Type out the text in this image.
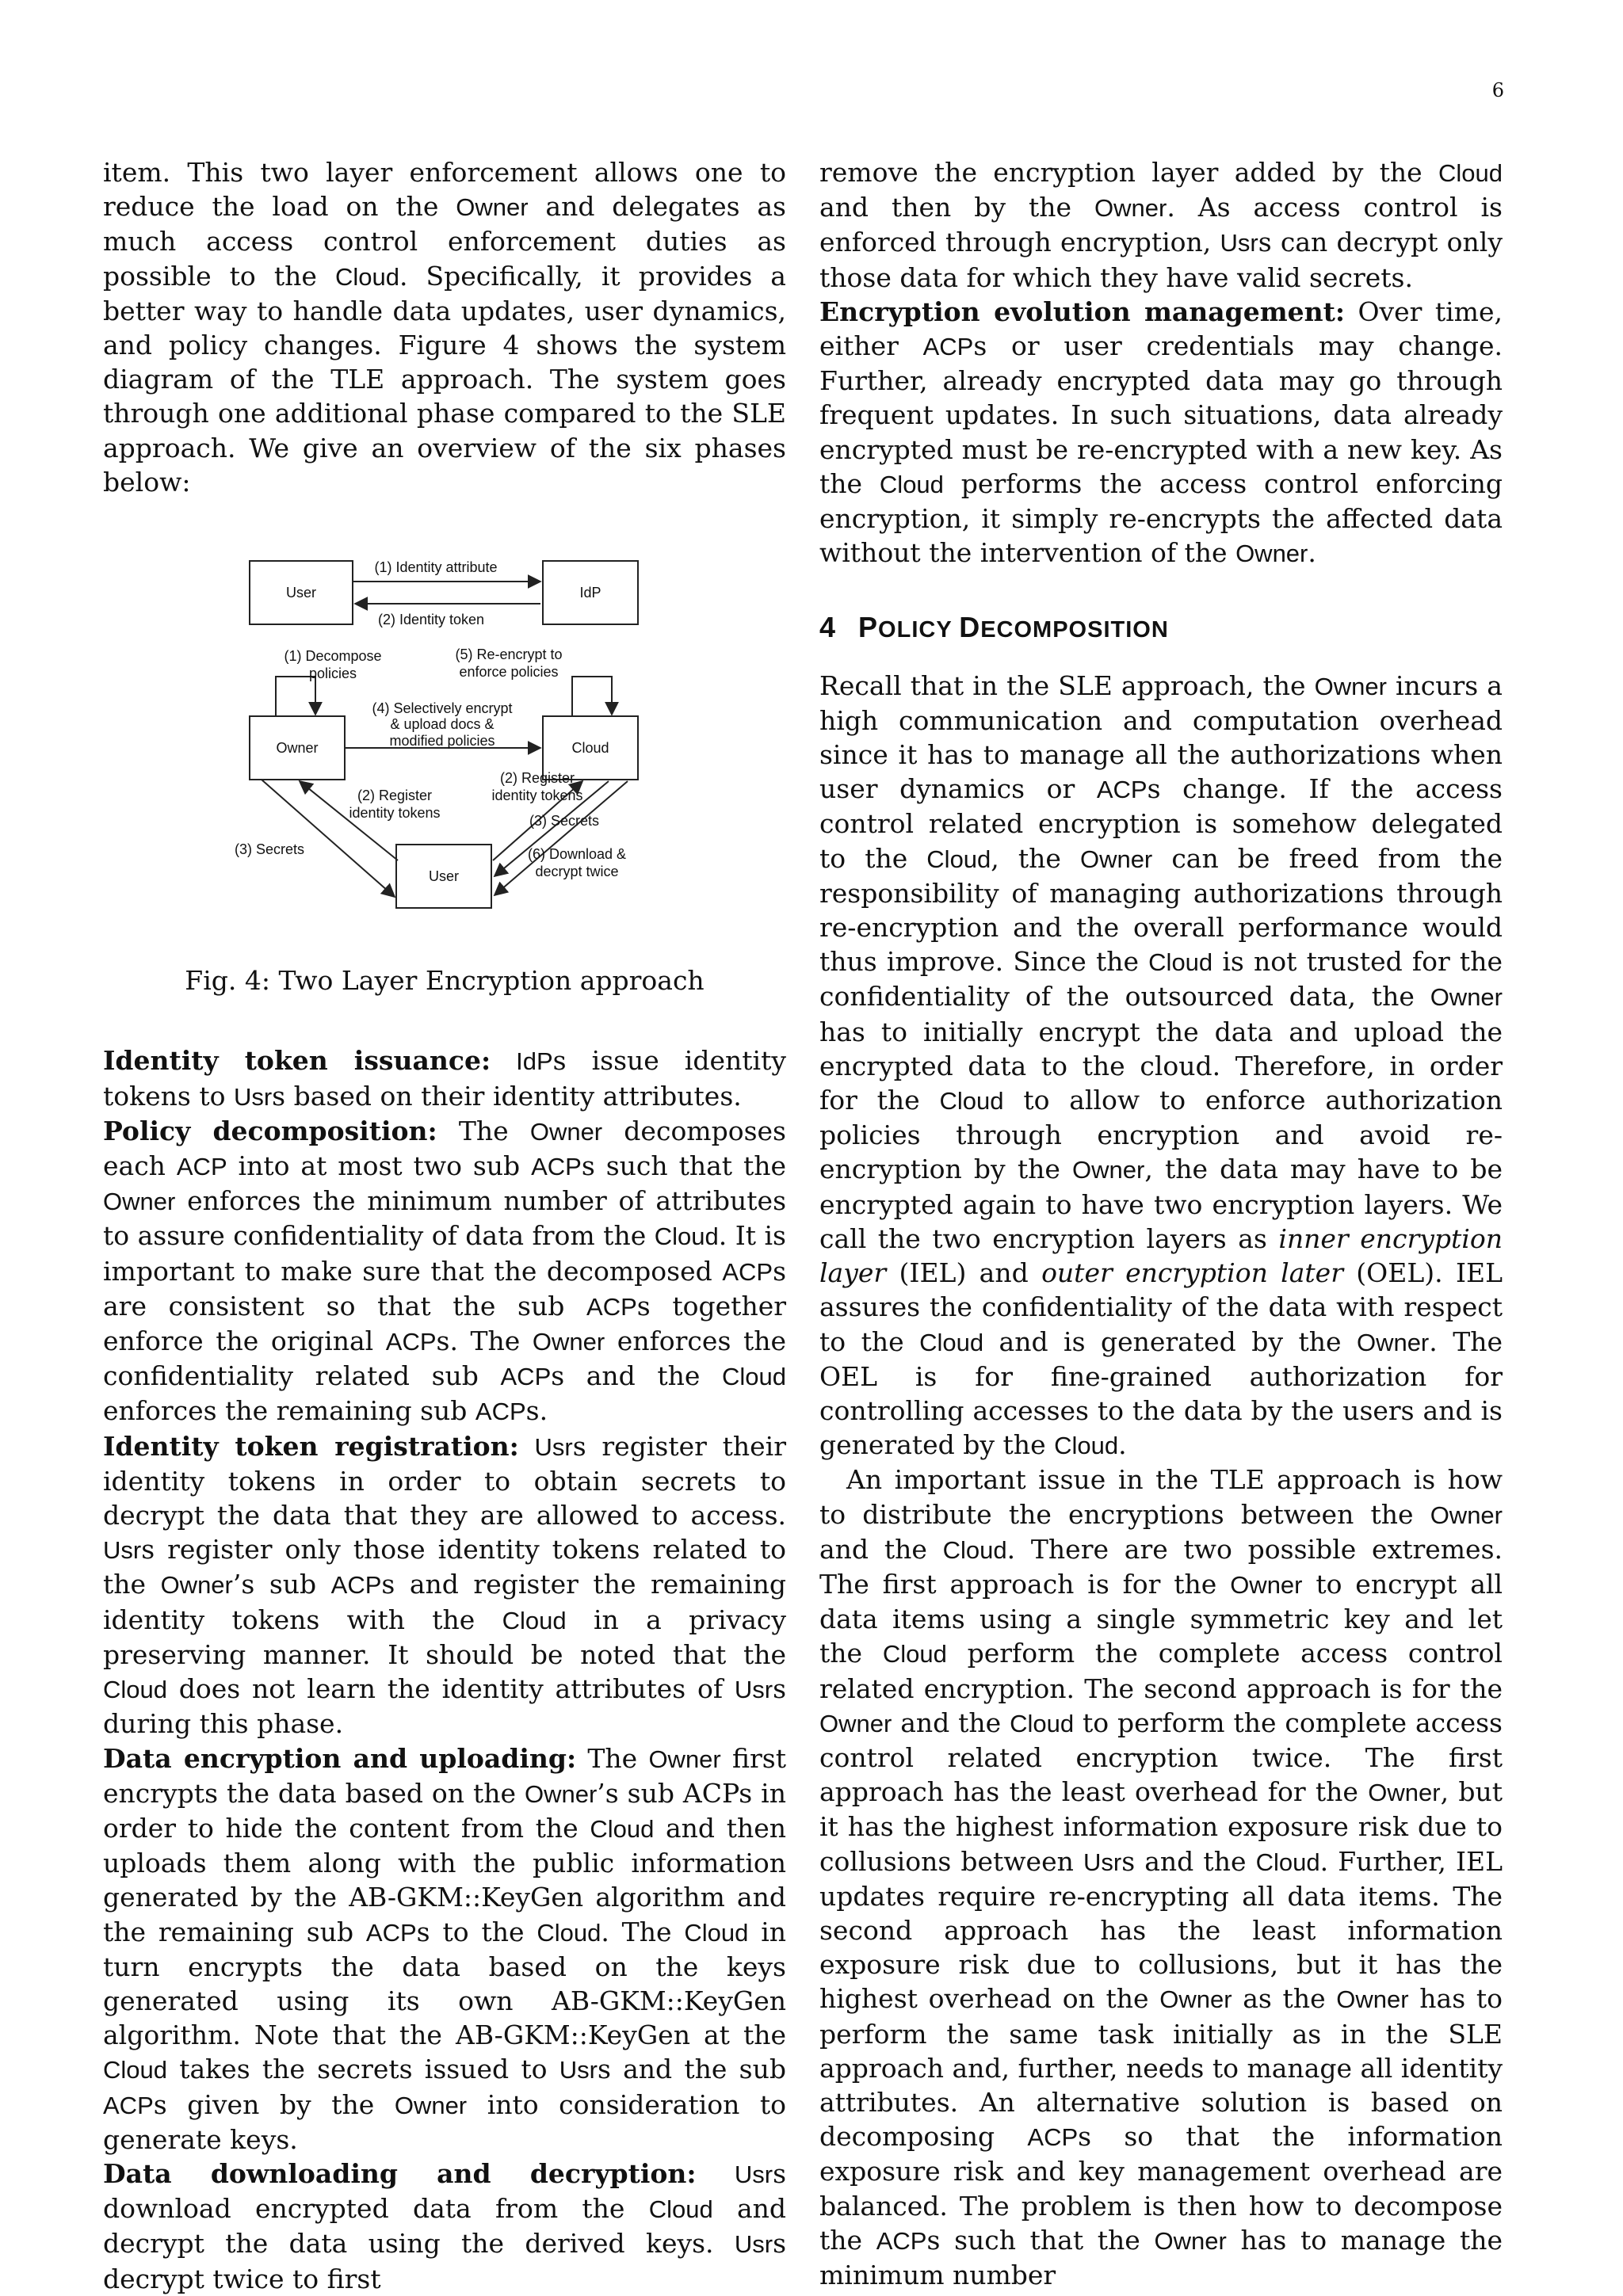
6

item. This two layer enforcement allows one to reduce the load on the Owner and delegates as much access control enforcement duties as possible to the Cloud. Specifically, it provides a better way to handle data updates, user dynamics, and policy changes. Figure 4 shows the system diagram of the TLE approach. The system goes through one additional phase compared to the SLE approach. We give an overview of the six phases below:

User	IdP
(1) Identity attribute
(2) Identity token
Owner	Cloud
User
(1) Decompose
policies
(5) Re-encrypt to
enforce policies
(4) Selectively encrypt
& upload docs &
modified policies
(3) Secrets
(2) Register
identity tokens
(2) Register
identity tokens
(3) Secrets
(6) Download &
decrypt twice
Fig. 4: Two Layer Encryption approach

Identity token issuance: IdPs issue identity tokens to Usrs based on their identity attributes.

Policy decomposition: The Owner decomposes each ACP into at most two sub ACPs such that the Owner enforces the minimum number of attributes to assure confidentiality of data from the Cloud. It is important to make sure that the decomposed ACPs are consistent so that the sub ACPs together enforce the original ACPs. The Owner enforces the confidentiality related sub ACPs and the Cloud enforces the remaining sub ACPs.

Identity token registration: Usrs register their identity tokens in order to obtain secrets to decrypt the data that they are allowed to access. Usrs register only those identity tokens related to the Owner’s sub ACPs and register the remaining identity tokens with the Cloud in a privacy preserving manner. It should be noted that the Cloud does not learn the identity attributes of Usrs during this phase.

Data encryption and uploading: The Owner first encrypts the data based on the Owner’s sub ACPs in order to hide the content from the Cloud and then uploads them along with the public information generated by the AB-GKM::KeyGen algorithm and the remaining sub ACPs to the Cloud. The Cloud in turn encrypts the data based on the keys generated using its own AB-GKM::KeyGen algorithm. Note that the AB-GKM::KeyGen at the Cloud takes the secrets issued to Usrs and the sub ACPs given by the Owner into consideration to generate keys.

Data downloading and decryption: Usrs download encrypted data from the Cloud and decrypt the data using the derived keys. Usrs decrypt twice to first

remove the encryption layer added by the Cloud and then by the Owner. As access control is enforced through encryption, Usrs can decrypt only those data for which they have valid secrets.

Encryption evolution management: Over time, either ACPs or user credentials may change. Further, already encrypted data may go through frequent updates. In such situations, data already encrypted must be re-encrypted with a new key. As the Cloud performs the access control enforcing encryption, it simply re-encrypts the affected data without the intervention of the Owner.

4 POLICY DECOMPOSITION

Recall that in the SLE approach, the Owner incurs a high communication and computation overhead since it has to manage all the authorizations when user dynamics or ACPs change. If the access control related encryption is somehow delegated to the Cloud, the Owner can be freed from the responsibility of managing authorizations through re-encryption and the overall performance would thus improve. Since the Cloud is not trusted for the confidentiality of the outsourced data, the Owner has to initially encrypt the data and upload the encrypted data to the cloud. Therefore, in order for the Cloud to allow to enforce authorization policies through encryption and avoid re-encryption by the Owner, the data may have to be encrypted again to have two encryption layers. We call the two encryption layers as inner encryption layer (IEL) and outer encryption later (OEL). IEL assures the confidentiality of the data with respect to the Cloud and is generated by the Owner. The OEL is for fine-grained authorization for controlling accesses to the data by the users and is generated by the Cloud.

An important issue in the TLE approach is how to distribute the encryptions between the Owner and the Cloud. There are two possible extremes. The first approach is for the Owner to encrypt all data items using a single symmetric key and let the Cloud perform the complete access control related encryption. The second approach is for the Owner and the Cloud to perform the complete access control related encryption twice. The first approach has the least overhead for the Owner, but it has the highest information exposure risk due to collusions between Usrs and the Cloud. Further, IEL updates require re-encrypting all data items. The second approach has the least information exposure risk due to collusions, but it has the highest overhead on the Owner as the Owner has to perform the same task initially as in the SLE approach and, further, needs to manage all identity attributes. An alternative solution is based on decomposing ACPs so that the information exposure risk and key management overhead are balanced. The problem is then how to decompose the ACPs such that the Owner has to manage the minimum number
